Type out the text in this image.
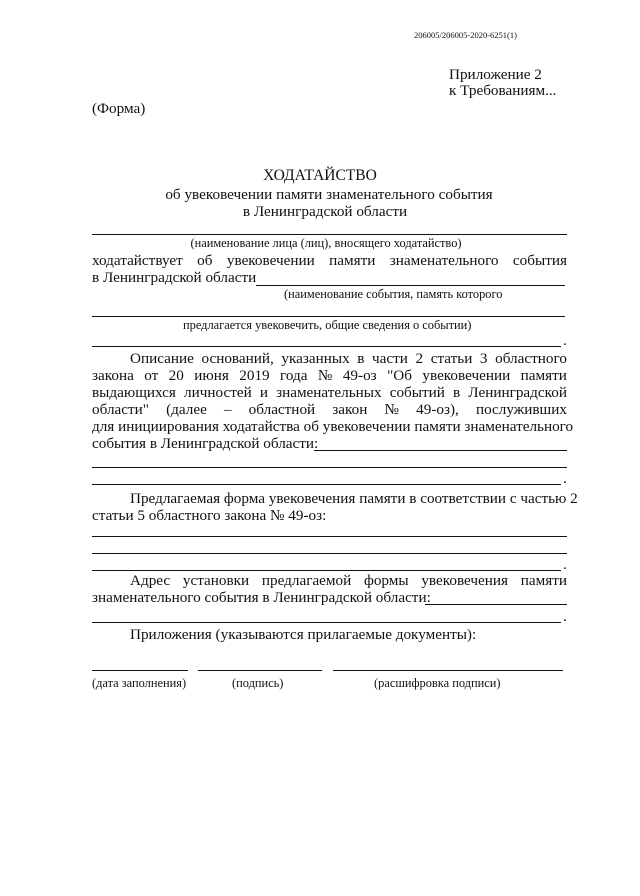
206005/206005-2020-6251(1)
Приложение 2
к Требованиям...
(Форма)
ХОДАТАЙСТВО
об увековечении памяти знаменательного события
в Ленинградской области
(наименование лица (лиц), вносящего ходатайство)
ходатайствует об увековечении памяти знаменательного события
в Ленинградской области
(наименование события, память которого
предлагается увековечить, общие сведения о событии)
.
Описание оснований, указанных в части 2 статьи 3 областного
закона от 20 июня 2019 года № 49-оз "Об увековечении памяти
выдающихся личностей и знаменательных событий в Ленинградской
области" (далее – областной закон № 49-оз), послуживших
для инициирования ходатайства об увековечении памяти знаменательного
события в Ленинградской области:
.
Предлагаемая форма увековечения памяти в соответствии с частью 2
статьи 5 областного закона № 49-оз:
.
Адрес установки предлагаемой формы увековечения памяти
знаменательного события в Ленинградской области:
.
Приложения (указываются прилагаемые документы):
(дата заполнения)	(подпись)	(расшифровка подписи)
